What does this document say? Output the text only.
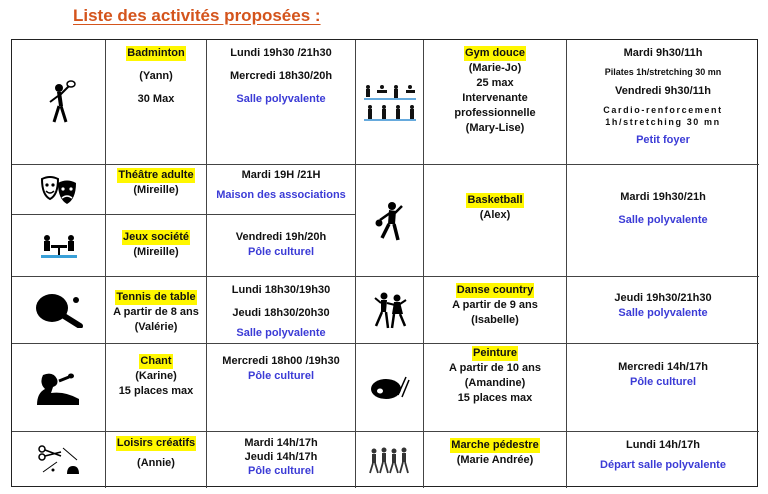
Liste des activités proposées :
Badminton
(Yann)
30 Max
Lundi 19h30 /21h30
Mercredi 18h30/20h
Salle polyvalente
Gym douce
(Marie-Jo)
25 max
Intervenante professionnelle
(Mary-Lise)
Mardi 9h30/11h
Pilates 1h/stretching 30 mn
Vendredi 9h30/11h
Cardio-renforcement
1h/stretching 30 mn
Petit foyer
Théâtre adulte
(Mireille)
Mardi 19H /21H
Maison des associations	Basketball
(Alex)
Mardi 19h30/21h
Salle polyvalente
Jeux société
(Mireille)
Vendredi 19h/20h
Pôle culturel
Tennis de table
A partir de 8 ans
(Valérie)
Lundi 18h30/19h30
Jeudi 18h30/20h30
Salle polyvalente
Danse country
A partir de 9 ans
(Isabelle)
Jeudi 19h30/21h30
Salle polyvalente
Chant
(Karine)
15 places max
Mercredi 18h00 /19h30
Pôle culturel
Peinture
A partir de 10 ans
(Amandine)
15 places max
Mercredi 14h/17h
Pôle culturel
Loisirs créatifs
(Annie)
Mardi 14h/17h
Jeudi 14h/17h
Pôle culturel
Marche pédestre
(Marie Andrée)
Lundi 14h/17h
Départ salle polyvalente
